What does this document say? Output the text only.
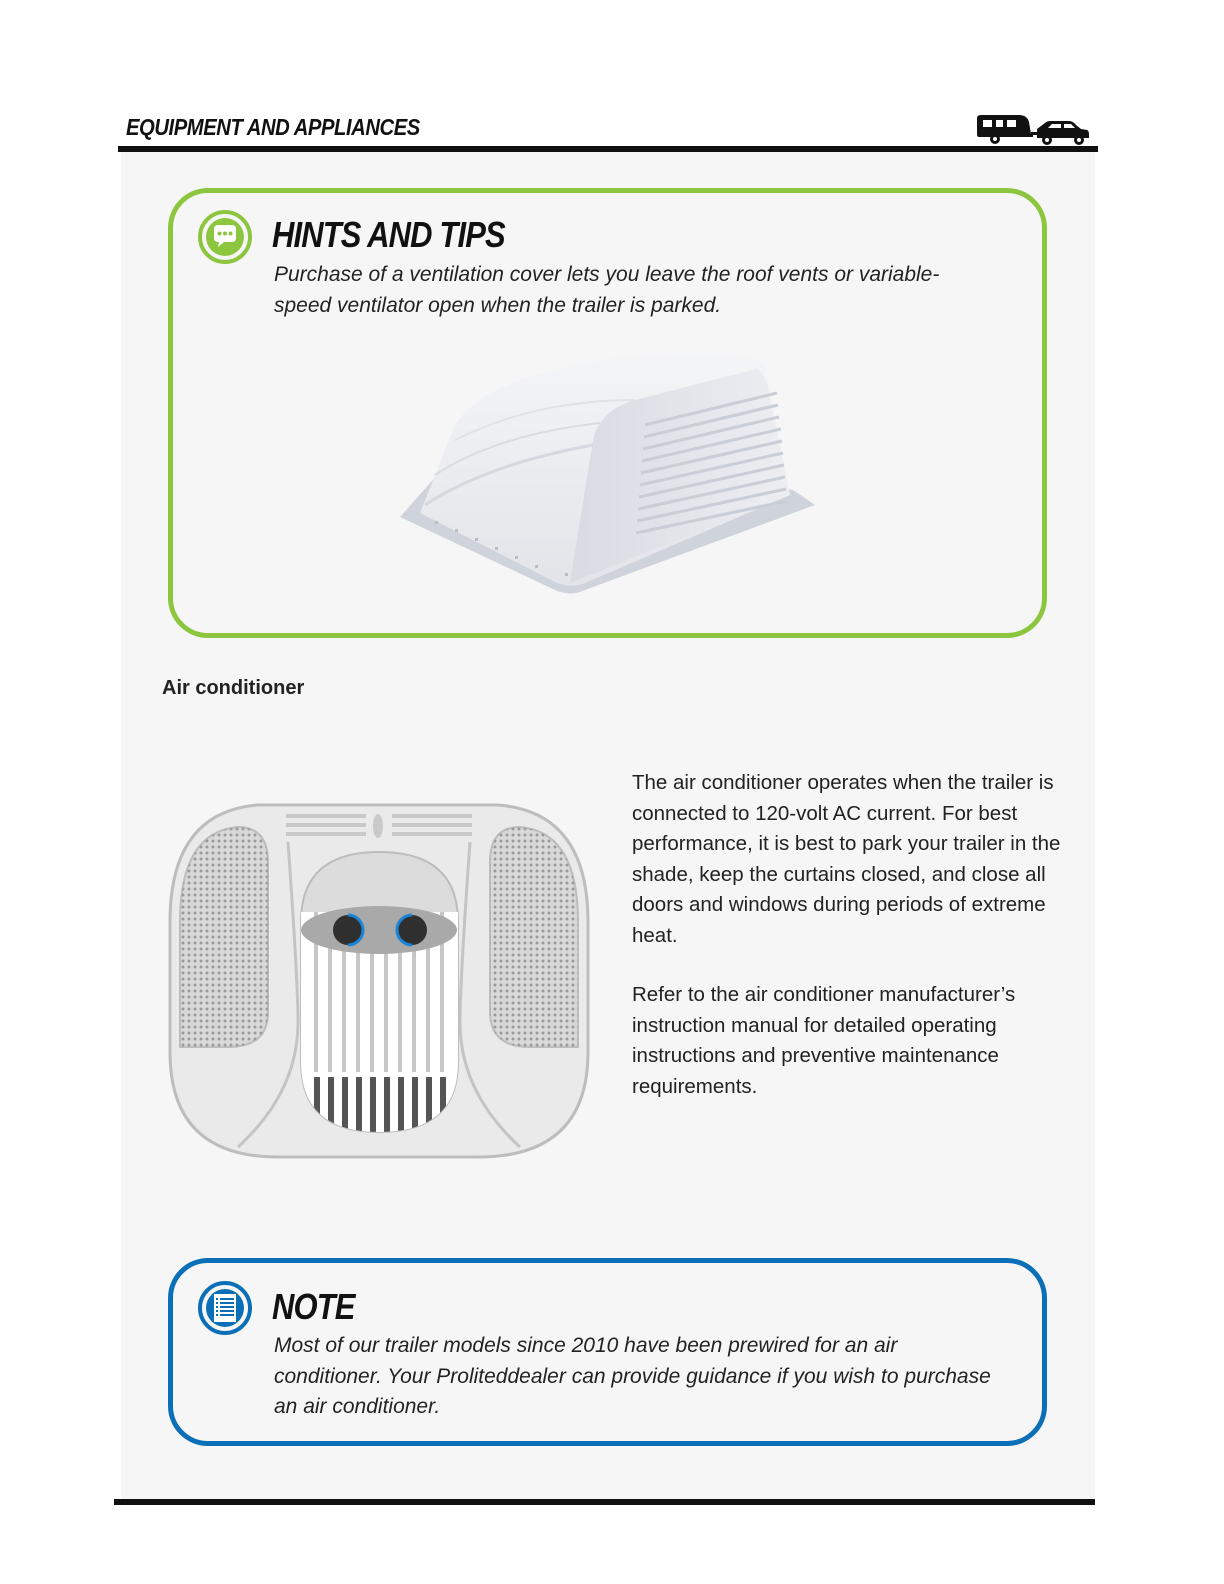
EQUIPMENT AND APPLIANCES
HINTS AND TIPS

Purchase of a ventilation cover lets you leave the roof vents or variable-speed ventilator open when the trailer is parked.

Air conditioner

The air conditioner operates when the trailer is connected to 120-volt AC current. For best performance, it is best to park your trailer in the shade, keep the curtains closed, and close all doors and windows during periods of extreme heat.

Refer to the air conditioner manufacturer’s instruction manual for detailed operating instructions and preventive maintenance requirements.

NOTE

Most of our trailer models since 2010 have been prewired for an air conditioner. Your Prolitеddealer can provide guidance if you wish to purchase an air conditioner.
